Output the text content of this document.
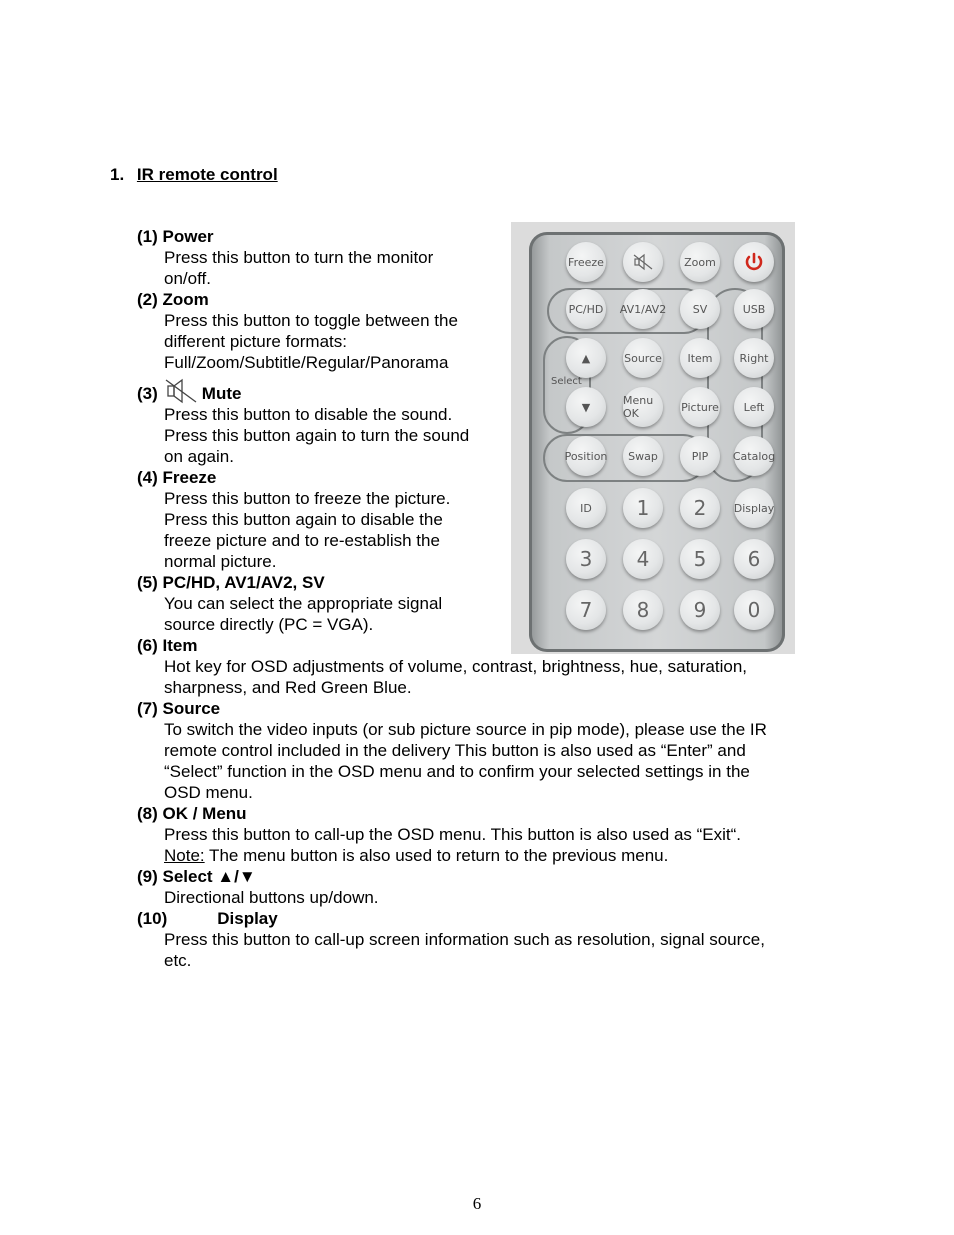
1. IR remote control
(1) Power
Press this button to turn the monitor
on/off.
(2) Zoom
Press this button to toggle between the
different picture formats:
Full/Zoom/Subtitle/Regular/Panorama
(3)	Mute
Press this button to disable the sound.
Press this button again to turn the sound
on again.
(4) Freeze
Press this button to freeze the picture.
Press this button again to disable the
freeze picture and to re-establish the
normal picture.
(5) PC/HD, AV1/AV2, SV
You can select the appropriate signal
source directly (PC = VGA).
(6) Item
Hot key for OSD adjustments of volume, contrast, brightness, hue, saturation,
sharpness, and Red Green Blue.
(7) Source
To switch the video inputs (or sub picture source in pip mode), please use the IR
remote control included in the delivery This button is also used as “Enter” and
“Select” function in the OSD menu and to confirm your selected settings in the
OSD menu.
(8) OK / Menu
Press this button to call-up the OSD menu. This button is also used as “Exit“.
Note: The menu button is also used to return to the previous menu.
(9) Select ▲/▼
Directional buttons up/down.
(10)	Display
Press this button to call-up screen information such as resolution, signal source,
etc.
Select
Freeze	Zoom
PC/HD AV1/AV2 SV	USB
▲	Source Item Right
▼	Menu OK	Picture Left
Position Swap	PIP Catalog
ID 1 2 Display
3 4 5 6
7 8 9 0
6
